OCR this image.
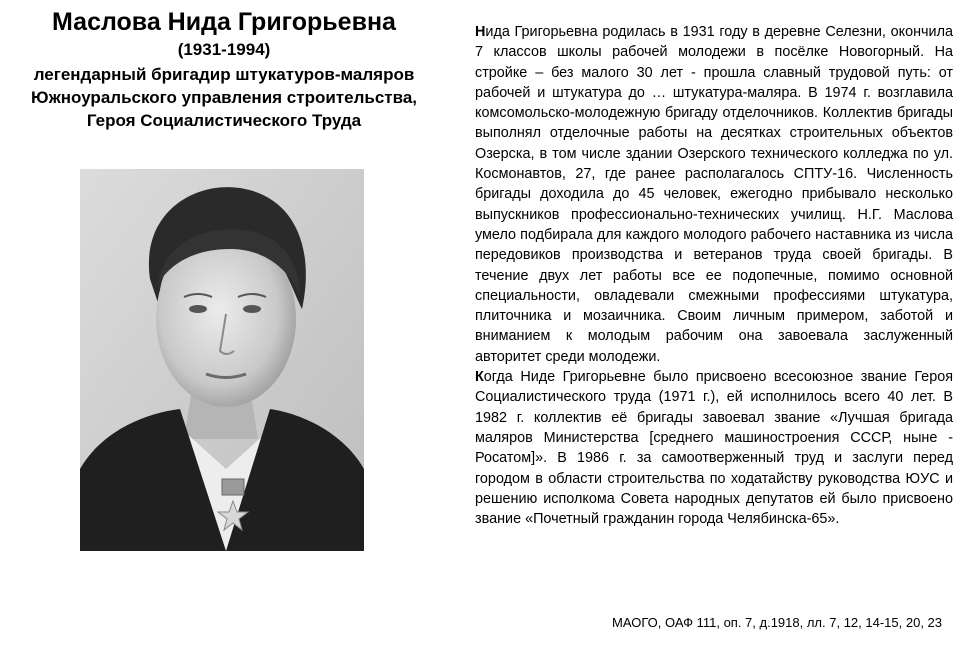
Маслова Нида Григорьевна
(1931-1994)
легендарный бригадир штукатуров-маляров
Южноуральского управления строительства,
Героя Социалистического Труда

Нида Григорьевна родилась в 1931 году в деревне Селезни, окончила 7 классов школы рабочей молодежи в посёлке Новогорный. На стройке – без малого 30 лет - прошла славный трудовой путь: от рабочей и штукатура до … штукатура-маляра. В 1974 г. возглавила комсомольско-молодежную бригаду отделочников. Коллектив бригады выполнял отделочные работы на десятках строительных объектов Озерска, в том числе здании Озерского технического колледжа по ул. Космонавтов, 27, где ранее располагалось СПТУ-16. Численность бригады доходила до 45 человек, ежегодно прибывало несколько выпускников профессионально-технических училищ. Н.Г. Маслова умело подбирала для каждого молодого рабочего наставника из числа передовиков производства и ветеранов труда своей бригады. В течение двух лет работы все ее подопечные, помимо основной специальности, овладевали смежными профессиями штукатура, плиточника и мозаичника. Своим личным примером, заботой и вниманием к молодым рабочим она завоевала заслуженный авторитет среди молодежи.

Когда Ниде Григорьевне было присвоено всесоюзное звание Героя Социалистического труда (1971 г.), ей исполнилось всего 40 лет. В 1982 г. коллектив её бригады завоевал звание «Лучшая бригада маляров Министерства [среднего машиностроения СССР, ныне - Росатом]». В 1986 г. за самоотверженный труд и заслуги перед городом в области строительства по ходатайству руководства ЮУС и решению исполкома Совета народных депутатов ей было присвоено звание «Почетный гражданин города Челябинска-65».

МАОГО, ОАФ 111, оп. 7, д.1918, лл. 7, 12, 14-15, 20, 23
